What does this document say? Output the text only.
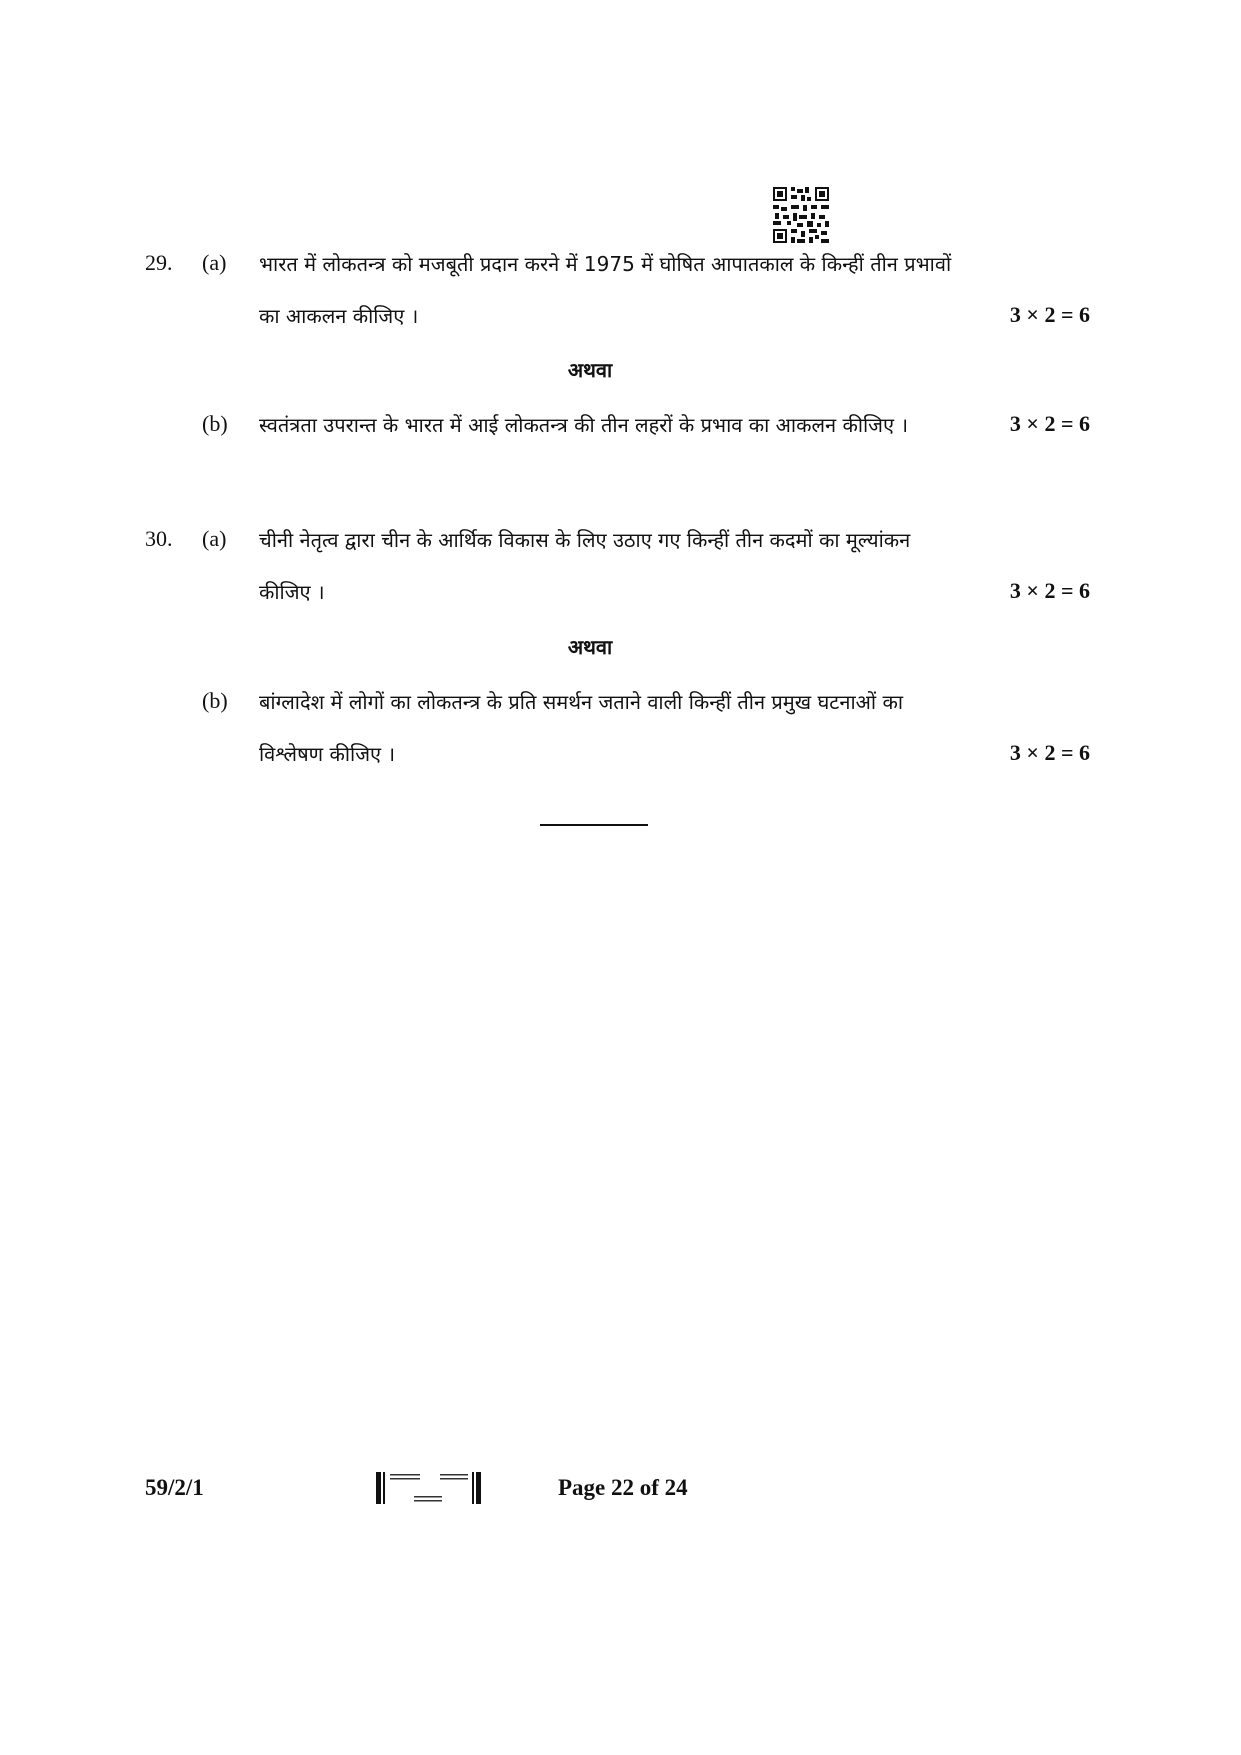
29. (a) भारत में लोकतन्त्र को मजबूती प्रदान करने में 1975 में घोषित आपातकाल के किन्हीं तीन प्रभावों
का आकलन कीजिए ।	3 × 2 = 6
अथवा
(b) स्वतंत्रता उपरान्त के भारत में आई लोकतन्त्र की तीन लहरों के प्रभाव का आकलन कीजिए ।	3 × 2 = 6
30. (a) चीनी नेतृत्व द्वारा चीन के आर्थिक विकास के लिए उठाए गए किन्हीं तीन कदमों का मूल्यांकन
कीजिए ।	3 × 2 = 6
अथवा
(b) बांग्लादेश में लोगों का लोकतन्त्र के प्रति समर्थन जताने वाली किन्हीं तीन प्रमुख घटनाओं का
विश्लेषण कीजिए ।	3 × 2 = 6
59/2/1	Page 22 of 24
